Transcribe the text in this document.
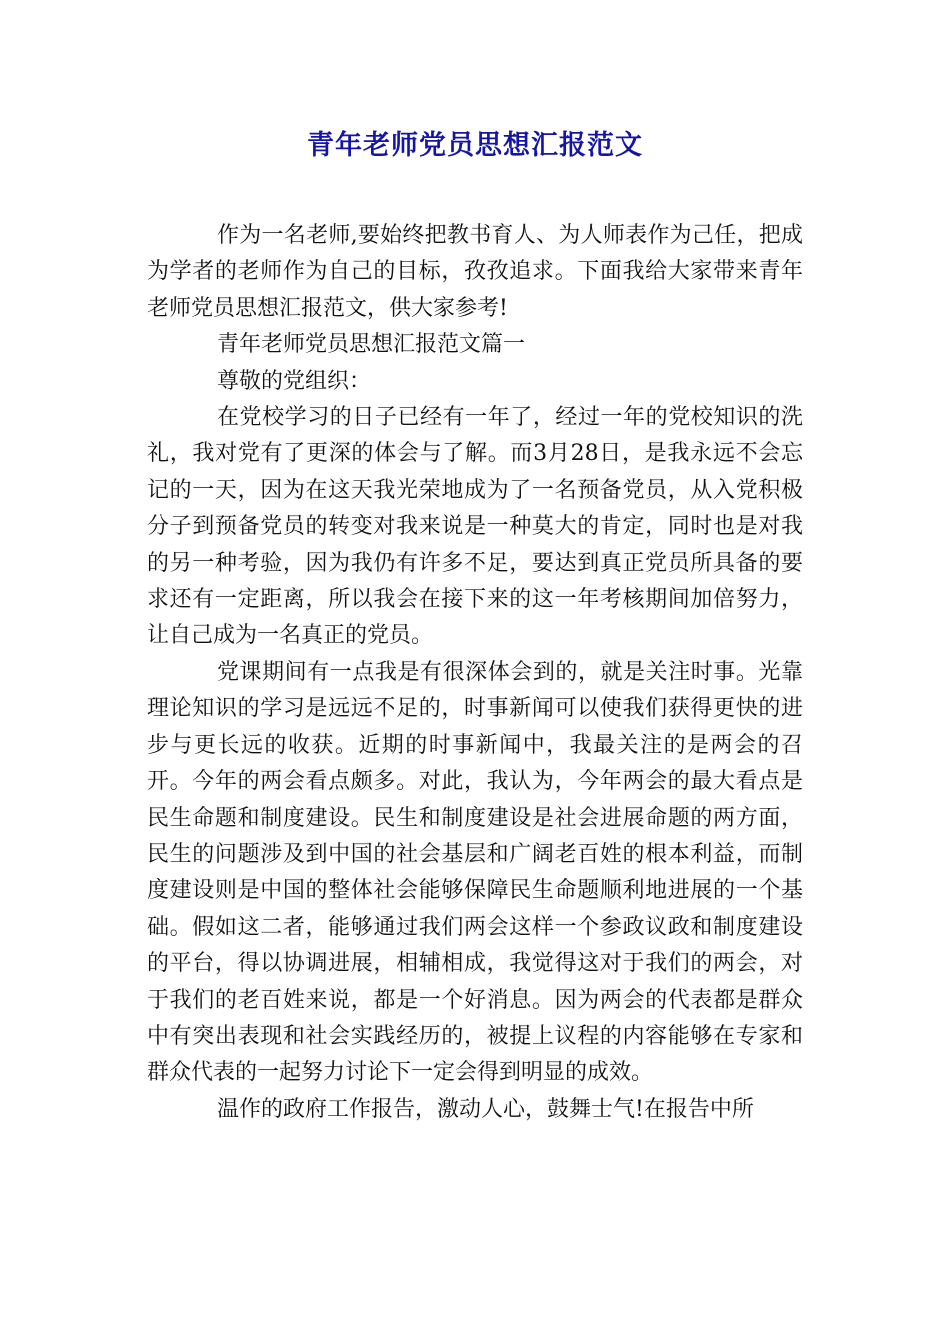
青年老师党员思想汇报范文

作为一名老师,要始终把教书育人、为人师表作为己任，把成为学者的老师作为自己的目标，孜孜追求。下面我给大家带来青年老师党员思想汇报范文，供大家参考!

青年老师党员思想汇报范文篇一

尊敬的党组织：

在党校学习的日子已经有一年了，经过一年的党校知识的洗礼，我对党有了更深的体会与了解。而3月28日，是我永远不会忘记的一天，因为在这天我光荣地成为了一名预备党员，从入党积极分子到预备党员的转变对我来说是一种莫大的肯定，同时也是对我的另一种考验，因为我仍有许多不足，要达到真正党员所具备的要求还有一定距离，所以我会在接下来的这一年考核期间加倍努力，让自己成为一名真正的党员。

党课期间有一点我是有很深体会到的，就是关注时事。光靠理论知识的学习是远远不足的，时事新闻可以使我们获得更快的进步与更长远的收获。近期的时事新闻中，我最关注的是两会的召开。今年的两会看点颇多。对此，我认为，今年两会的最大看点是民生命题和制度建设。民生和制度建设是社会进展命题的两方面，民生的问题涉及到中国的社会基层和广阔老百姓的根本利益，而制度建设则是中国的整体社会能够保障民生命题顺利地进展的一个基础。假如这二者，能够通过我们两会这样一个参政议政和制度建设的平台，得以协调进展，相辅相成，我觉得这对于我们的两会，对于我们的老百姓来说，都是一个好消息。因为两会的代表都是群众中有突出表现和社会实践经历的，被提上议程的内容能够在专家和群众代表的一起努力讨论下一定会得到明显的成效。

温作的政府工作报告，激动人心，鼓舞士气!在报告中所
